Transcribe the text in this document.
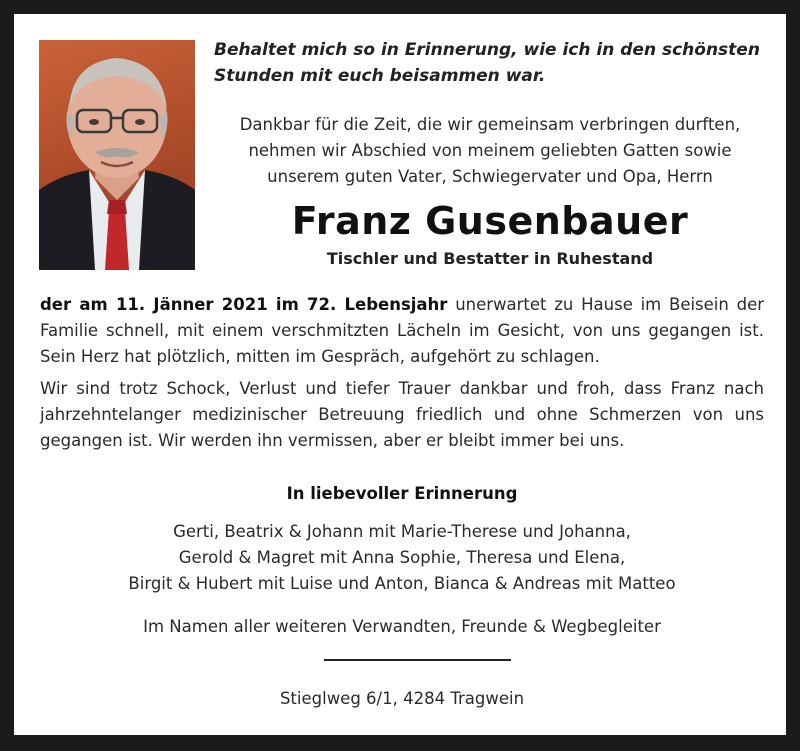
Behaltet mich so in Erinnerung, wie ich in den schönsten
Stunden mit euch beisammen war.
Dankbar für die Zeit, die wir gemeinsam verbringen durften,
nehmen wir Abschied von meinem geliebten Gatten sowie
unserem guten Vater, Schwiegervater und Opa, Herrn
Franz Gusenbauer
Tischler und Bestatter in Ruhestand
der am 11. Jänner 2021 im 72. Lebensjahr unerwartet zu Hause im Beisein der Familie schnell, mit einem verschmitzten Lächeln im Gesicht, von uns gegangen ist. Sein Herz hat plötzlich, mitten im Gespräch, aufgehört zu schlagen.
Wir sind trotz Schock, Verlust und tiefer Trauer dankbar und froh, dass Franz nach jahrzehntelanger medizinischer Betreuung friedlich und ohne Schmerzen von uns gegangen ist. Wir werden ihn vermissen, aber er bleibt immer bei uns.
In liebevoller Erinnerung
Gerti, Beatrix & Johann mit Marie-Therese und Johanna,
Gerold & Magret mit Anna Sophie, Theresa und Elena,
Birgit & Hubert mit Luise und Anton, Bianca & Andreas mit Matteo
Im Namen aller weiteren Verwandten, Freunde & Wegbegleiter
Stieglweg 6/1, 4284 Tragwein
